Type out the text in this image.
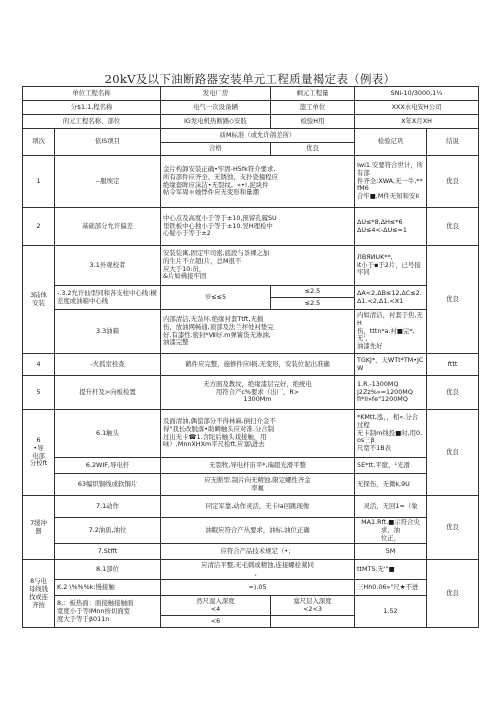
20kV及以下油断路器安装单元工程质量褐定表（例表）
单位工程名称		发电厂房	剩元工程量	SNi-10/3000,1¼	
分$1.1,程名称		电气一次设备辆	篮工单位	XXX水电安H公司	
的元工程名称、部位		IG发电机热断路◇安肢	检验H用	X年X月XH	
项次	依iS项目	质M标准（或允许鸽差所）		检验记巩	结说
		合格	优良		
1	--服埃定	金片构卸安装正确•牢固-H5fk符介要求,
所有部件应齐全、无锈蚀、支扑瓷撞程应
绝缘套眸应沫洁•无裂纹。»•!,泥块件
帖令军周＊她悸件应无变形和量潮		Iwi1.安要符合世计，所有部
件齐全:XWA,无一牛,**fM6
合牢■,M件无知和安li	优良
2	基础部分允许偏差	中心点及高度小于等于±10,预留孔履SU
里铁板中心独小于等于±10.昱H理检中
心疑小于等于±2		ΔU≤*8,ΔH≤*6
ΔU≤4<-ΔU≤=1	优良

3陆体
安装	3.1外观校者	安装装寓,固定牢司密,底段与茶裸之加
的生片不立超(片，总M很不
应大于10:员，
&片如佛接牢固		ЛВЯИUK**,
it小于▪于2片，已号接牢同	优良
	-.3.2允许仙型同和各支柱中心线:横差度或油箱中心线	岁≤≤5	≤2.5	ΔA<2,ΔB≤12,ΔC≤2.
Δ1.<2,Δ1.<X1	

			≤2.5		
	3.3油箱	内部清洁,无杂坏.绝缘衬套Ttft,无损
伤，放油网畅通,顶部及法兰抨处衬垫完
好.有漆性.密封*Ⅶ好.m弹簧货无渗油,
油漆完整		内如清洁，衬套于焦,无H
伤，tttn*a.衬■完*,无'，
油漆先好	

4	-火孤室栓查	鹤件应完整，施修件应Ⅰ损,无变形，安装位泥出准确		TGKJ*，天WTt*TM•JCW	fttt
5	提升杆及>向板检置	无方面及教坟，绝缘漆层完好，绝统电
用符合产c%要求（出厂，R>
1300Mm		1.R.-1300MQ
J2Zz%»=1200MQ
fl*II»fe"1200MQ	优良

6
•导
电部
分校ft	6.1触头	及面清油,偶偿部分不得林麻.倒扫介金不
得"我长改脱落•助瞬触头应对准.分合制
过出无卡☎1.含陀后触头戏接触，用
咏）,MnnXHXm平尺检ft,应塞\进去		*KMtt,泓，，相«.分合过程
无卡制m线投■时,用0.os三β
尺宽不1B表	优良
	6.2WIF,导电杆	无裂牧,导电杆宙平*,瑞超光滑平整		5E*tt.平竄，¹光滑	
	63编织铜线或软铜片	应无断型.制片向无精蚀,限定螺性齐金
率氟		无探伤，无微k,9U	

7缓冲
器	7.1动作	同定军靠,动作灵活，无卡la回跳现像		灵活，无回1=（象	优良
	7.2油质,油位	油眠应符合产丛要求，油标,油位正确		MA1.Rft.■示符合央求，油
位正，	

	7.Stfft	应符合产品技术规定（•；		5M	

8与电
母线钱
找或连
齐按	8.1部位	应清洁平整,无毛刺或精蚀,连接螺栓紧同
、		ttMTS.无'"■	优良
	K.2 \%%%k:慢接触	=).05		三Hh0.06»"尺★不迸	

	8,：板热面：面接触接触面
宽度小于等IMnn按切面宽
度大于等于β011n	然尺湿入深度
<4	塞尺层入深度
<2<3	1.52	
		<6			
